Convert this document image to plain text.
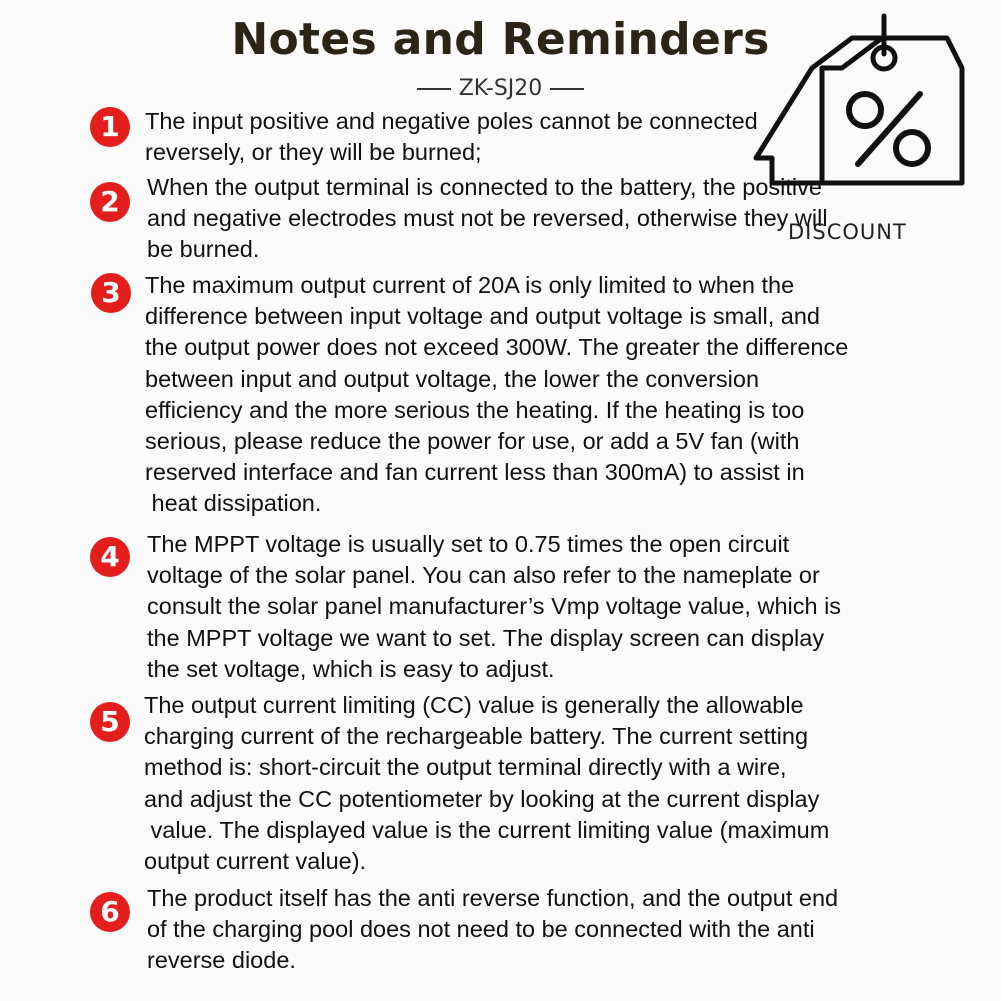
Notes and Reminders
ZK-SJ20
1	The input positive and negative poles cannot be connected
reversely, or they will be burned;
2	When the output terminal is connected to the battery, the positive
and negative electrodes must not be reversed, otherwise they will
be burned.
3	The maximum output current of 20A is only limited to when the
difference between input voltage and output voltage is small, and
the output power does not exceed 300W. The greater the difference
between input and output voltage, the lower the conversion
efficiency and the more serious the heating. If the heating is too
serious, please reduce the power for use, or add a 5V fan (with
reserved interface and fan current less than 300mA) to assist in
heat dissipation.
4	The MPPT voltage is usually set to 0.75 times the open circuit
voltage of the solar panel. You can also refer to the nameplate or
consult the solar panel manufacturer’s Vmp voltage value, which is
the MPPT voltage we want to set. The display screen can display
the set voltage, which is easy to adjust.
5	The output current limiting (CC) value is generally the allowable
charging current of the rechargeable battery. The current setting
method is: short-circuit the output terminal directly with a wire,
and adjust the CC potentiometer by looking at the current display
value. The displayed value is the current limiting value (maximum
output current value).
6	The product itself has the anti reverse function, and the output end
of the charging pool does not need to be connected with the anti
reverse diode.
DISCOUNT
